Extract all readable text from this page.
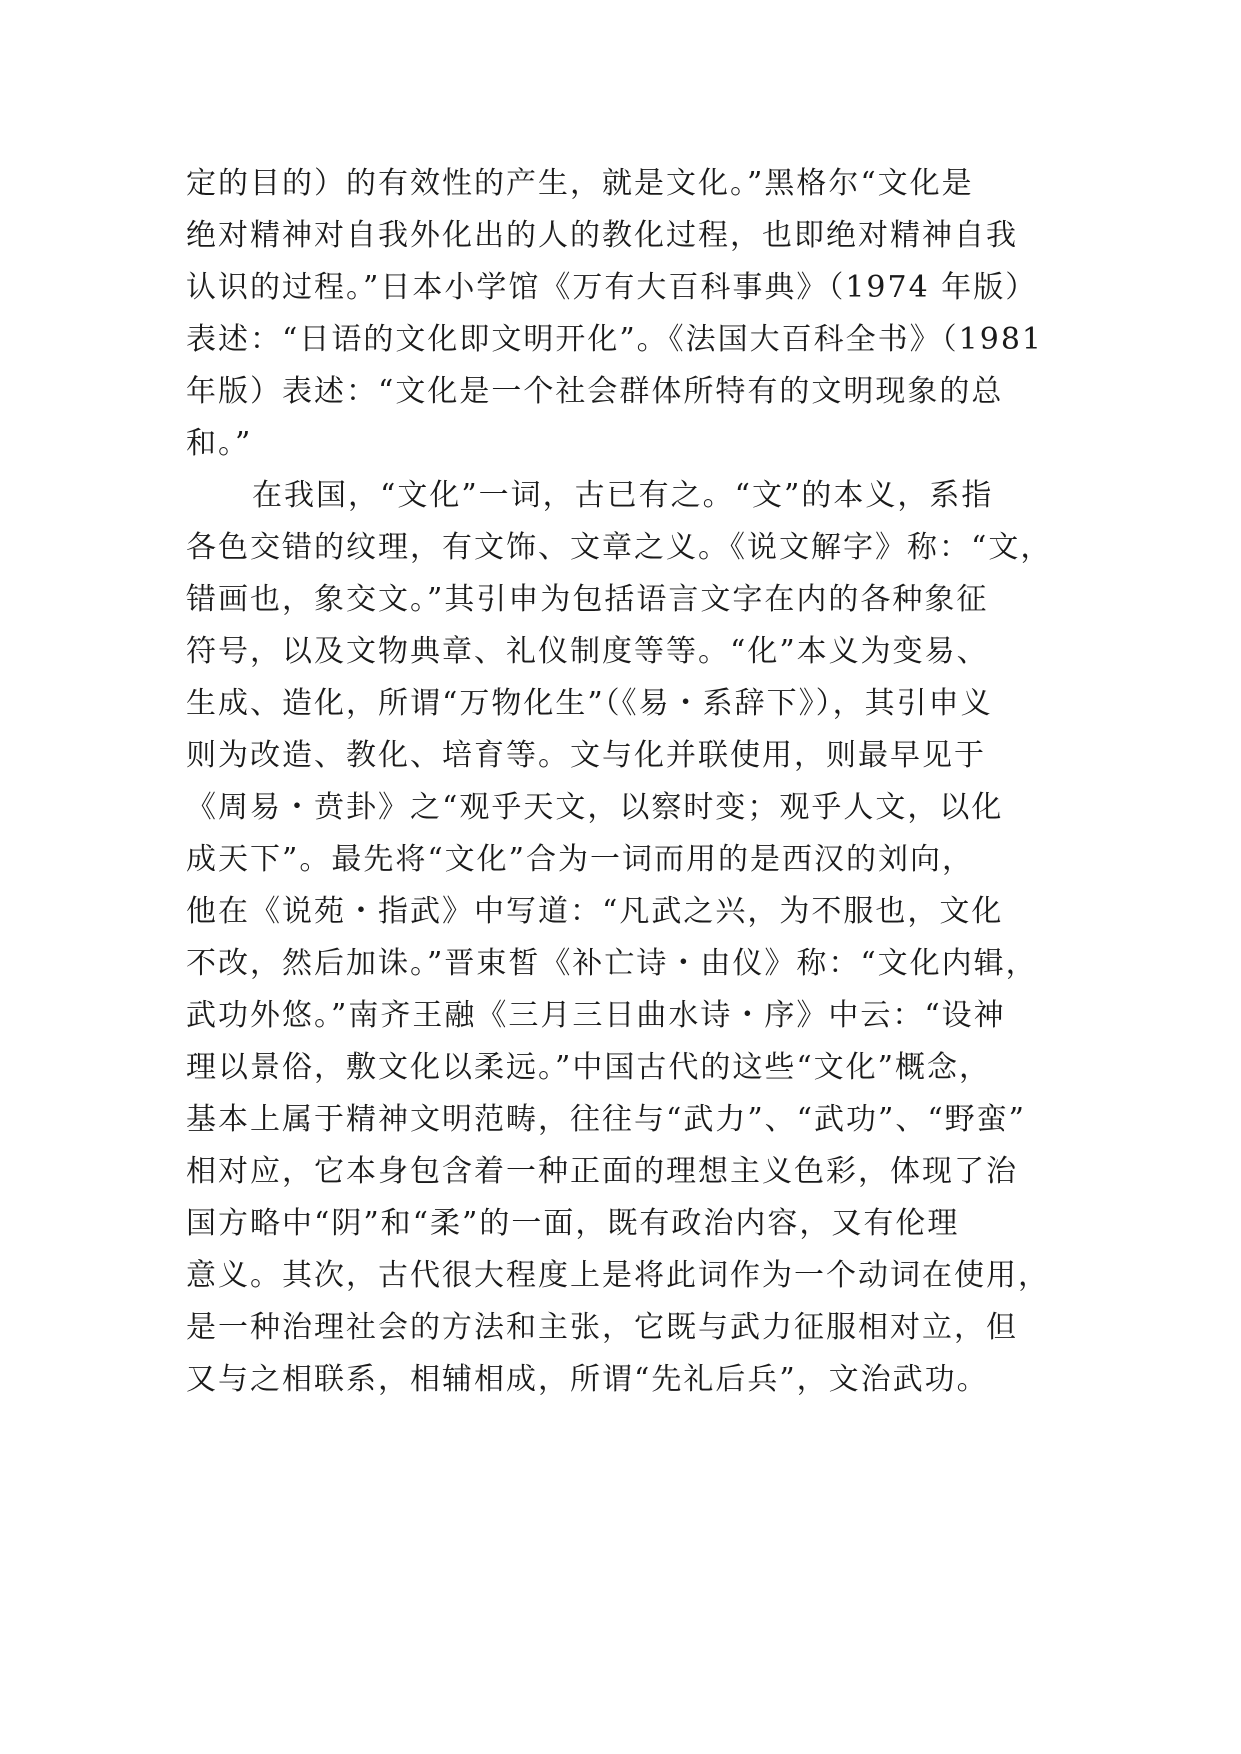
定的目的）的有效性的产生，就是文化。”黑格尔“文化是
绝对精神对自我外化出的人的教化过程，也即绝对精神自我
认识的过程。”日本小学馆《万有大百科事典》（1974 年版）
表述：“日语的文化即文明开化”。《法国大百科全书》（1981
年版）表述：“文化是一个社会群体所特有的文明现象的总
和。”
在我国，“文化”一词，古已有之。“文”的本义，系指
各色交错的纹理，有文饰、文章之义。《说文解字》称：“文，
错画也，象交文。”其引申为包括语言文字在内的各种象征
符号，以及文物典章、礼仪制度等等。“化”本义为变易、
生成、造化，所谓“万物化生”（《易・系辞下》），其引申义
则为改造、教化、培育等。文与化并联使用，则最早见于
《周易・贲卦》之“观乎天文，以察时变；观乎人文，以化
成天下”。最先将“文化”合为一词而用的是西汉的刘向，
他在《说苑・指武》中写道：“凡武之兴，为不服也，文化
不改，然后加诛。”晋束皙《补亡诗・由仪》称：“文化内辑，
武功外悠。”南齐王融《三月三日曲水诗・序》中云：“设神
理以景俗，敷文化以柔远。”中国古代的这些“文化”概念，
基本上属于精神文明范畴，往往与“武力”、“武功”、“野蛮”
相对应，它本身包含着一种正面的理想主义色彩，体现了治
国方略中“阴”和“柔”的一面，既有政治内容，又有伦理
意义。其次，古代很大程度上是将此词作为一个动词在使用，
是一种治理社会的方法和主张，它既与武力征服相对立，但
又与之相联系，相辅相成，所谓“先礼后兵”，文治武功。
